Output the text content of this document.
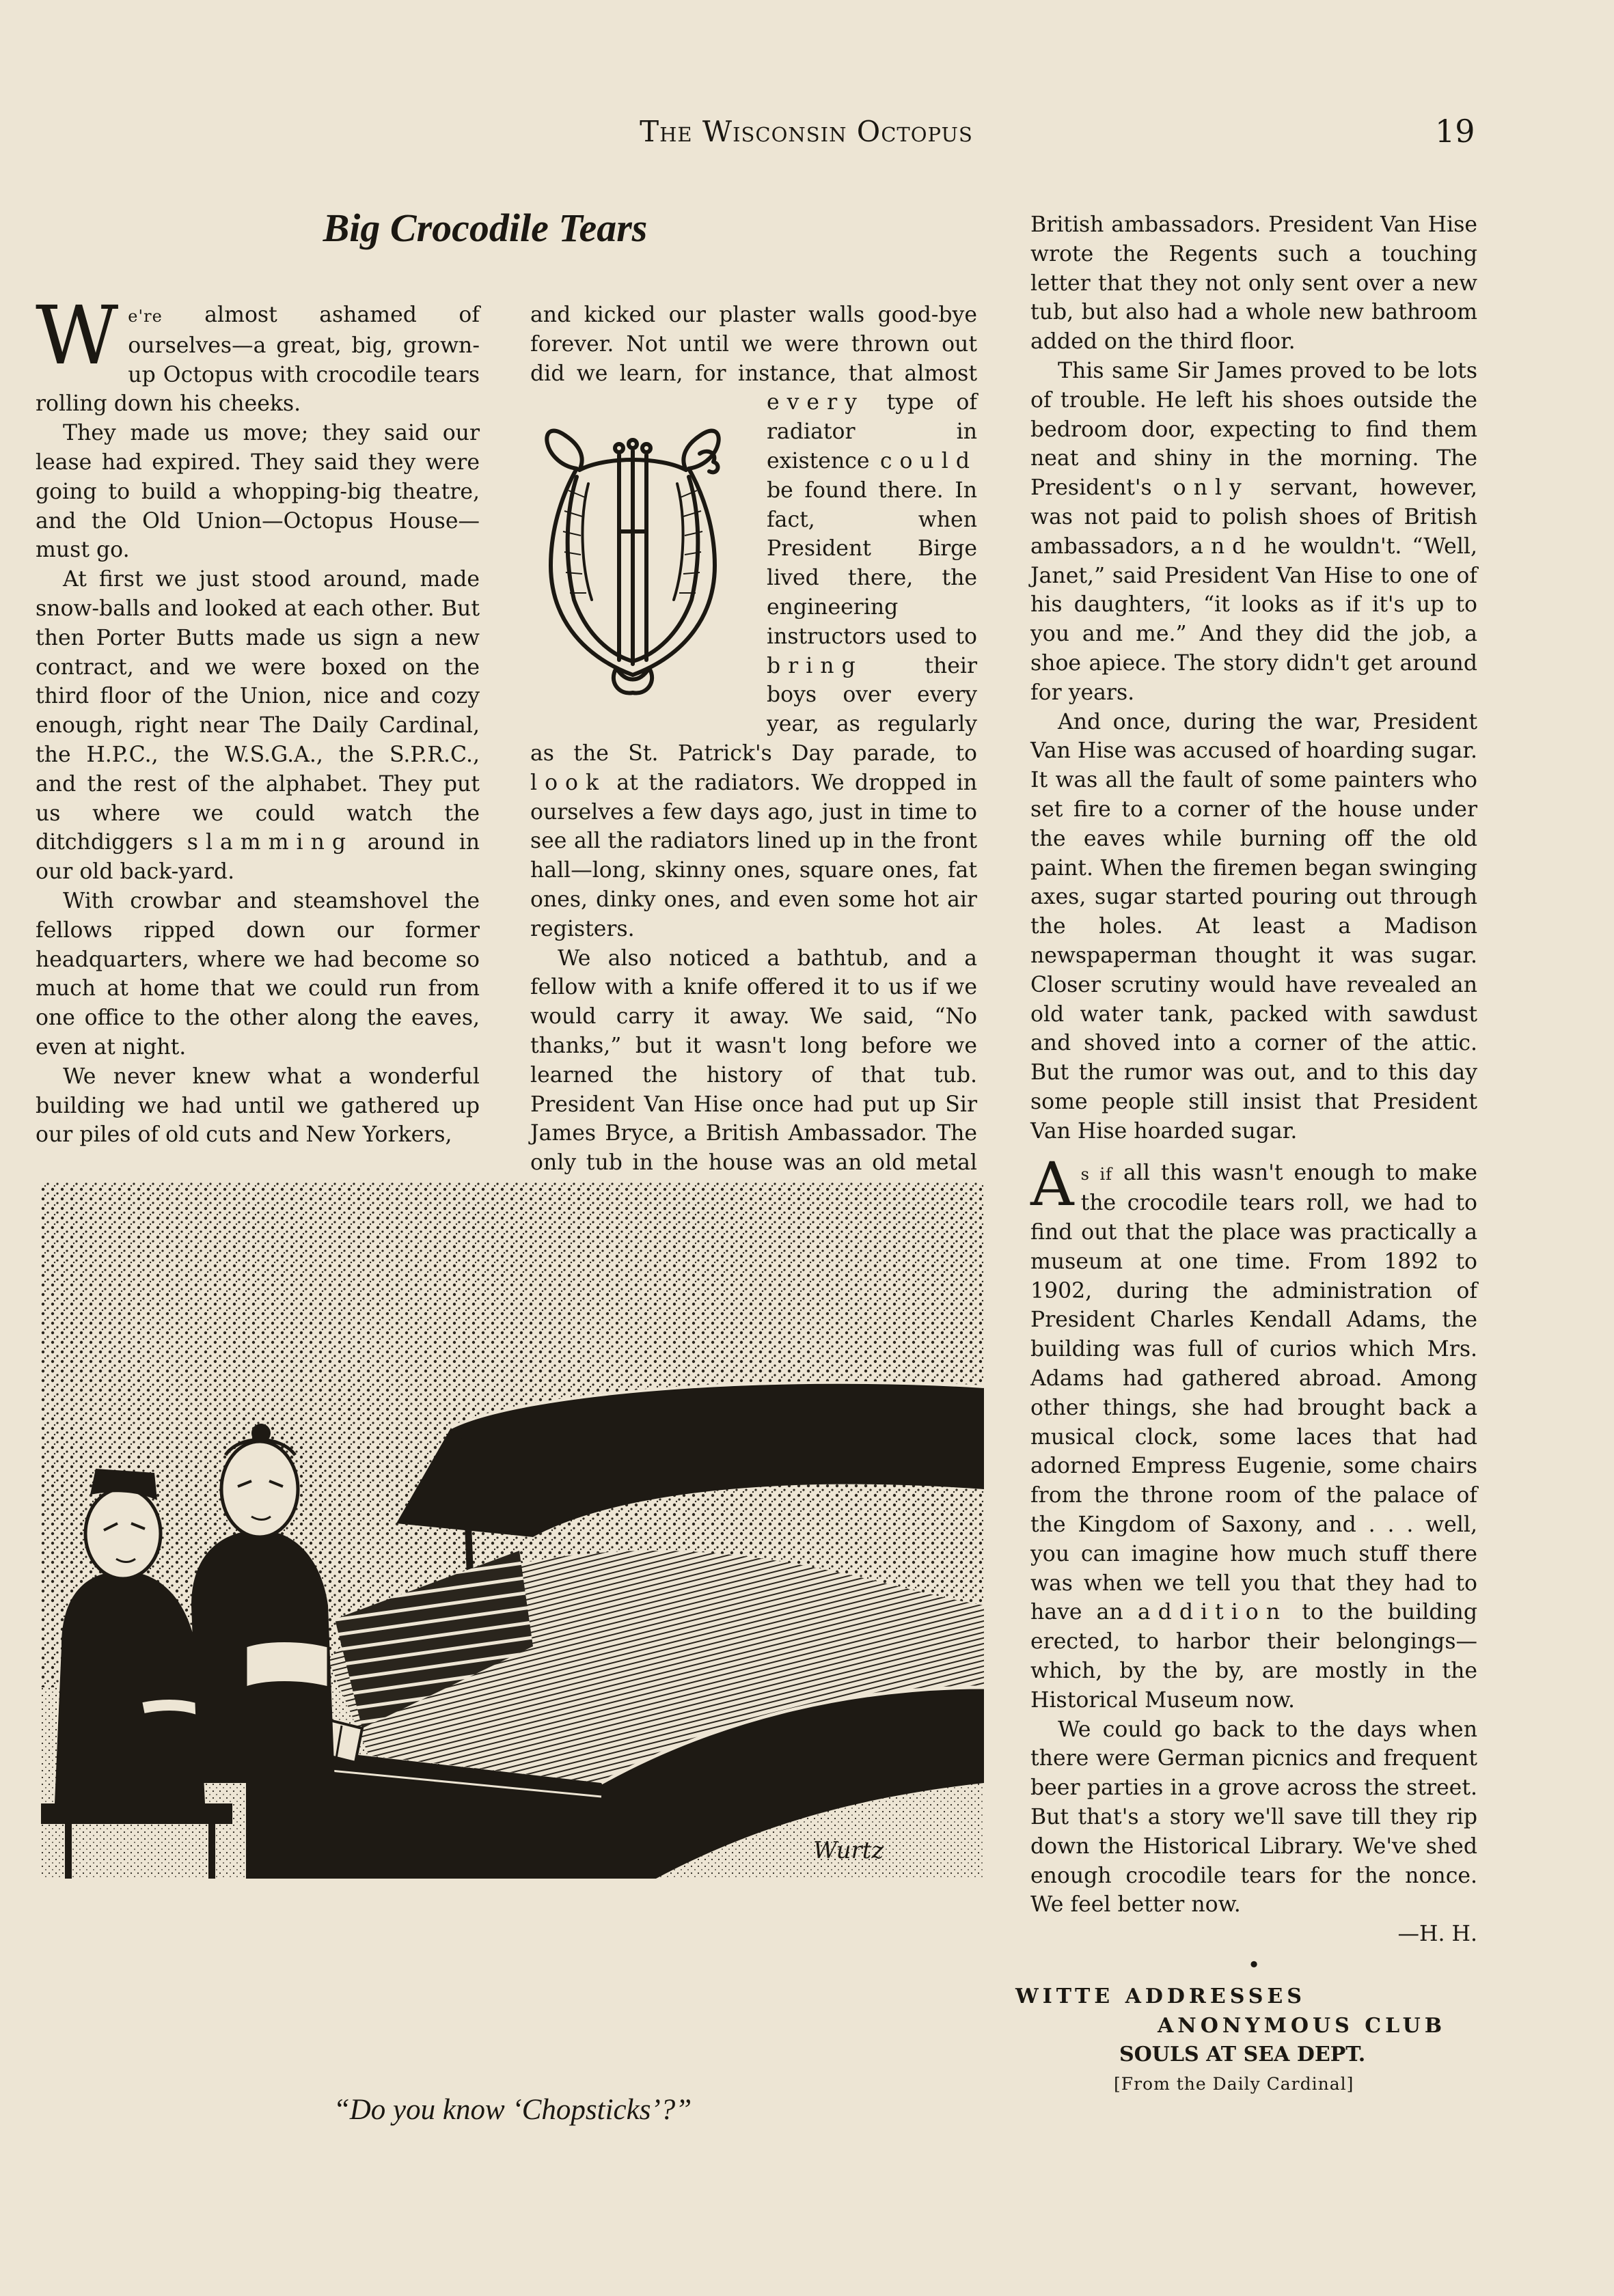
The Wisconsin Octopus	19
Big Crocodile Tears

We're almost ashamed of ourselves—a great, big, grown-up Octopus with crocodile tears rolling down his cheeks.

They made us move; they said our lease had expired. They said they were going to build a whopping-big theatre, and the Old Union—Octopus House—must go.

At first we just stood around, made snow-balls and looked at each other. But then Porter Butts made us sign a new contract, and we were boxed on the third floor of the Union, nice and cozy enough, right near The Daily Cardinal, the H.P.C., the W.S.G.A., the S.P.R.C., and the rest of the alphabet. They put us where we could watch the ditchdiggers slamming around in our old back-yard.

With crowbar and steamshovel the fellows ripped down our former headquarters, where we had become so much at home that we could run from one office to the other along the eaves, even at night.

We never knew what a wonderful building we had until we gathered up our piles of old cuts and New Yorkers,

and kicked our plaster walls good-bye forever. Not until we were thrown out did we learn, for instance, that almost
every type of radiator in existence could be found there. In fact, when President Birge lived there, the engineering instructors used to bring their boys over every year, as regularly as the St. Patrick's Day parade, to look at the radiators. We dropped in ourselves a few days ago, just in time to see all the radiators lined up in the front hall—long, skinny ones, square ones, fat ones, dinky ones, and even some hot air registers.

We also noticed a bathtub, and a fellow with a knife offered it to us if we would carry it away. We said, “No thanks,” but it wasn't long before we learned the history of that tub. President Van Hise once had put up Sir James Bryce, a British Ambassador. The only tub in the house was an old metal

British ambassadors. President Van Hise wrote the Regents such a touching letter that they not only sent over a new tub, but also had a whole new bathroom added on the third floor.

This same Sir James proved to be lots of trouble. He left his shoes outside the bedroom door, expecting to find them neat and shiny in the morning. The President's only servant, however, was not paid to polish shoes of British ambassadors, and he wouldn't. “Well, Janet,” said President Van Hise to one of his daughters, “it looks as if it's up to you and me.” And they did the job, a shoe apiece. The story didn't get around for years.

And once, during the war, President Van Hise was accused of hoarding sugar. It was all the fault of some painters who set fire to a corner of the house under the eaves while burning off the old paint. When the firemen began swinging axes, sugar started pouring out through the holes. At least a Madison newspaperman thought it was sugar. Closer scrutiny would have revealed an old water tank, packed with sawdust and shoved into a corner of the attic. But the rumor was out, and to this day some people still insist that President Van Hise hoarded sugar.

As if all this wasn't enough to make the crocodile tears roll, we had to find out that the place was practically a museum at one time. From 1892 to 1902, during the administration of President Charles Kendall Adams, the building was full of curios which Mrs. Adams had gathered abroad. Among other things, she had brought back a musical clock, some laces that had adorned Empress Eugenie, some chairs from the throne room of the palace of the Kingdom of Saxony, and . . . well, you can imagine how much stuff there was when we tell you that they had to have an addition to the building erected, to harbor their belongings—which, by the by, are mostly in the Historical Museum now.

We could go back to the days when there were German picnics and frequent beer parties in a grove across the street. But that's a story we'll save till they rip down the Historical Library. We've shed enough crocodile tears for the nonce. We feel better now.

—H. H.

•
WITTE ADDRESSES
ANONYMOUS CLUB
SOULS AT SEA DEPT.
[From the Daily Cardinal]
Wurtz
“Do you know ‘Chopsticks’?”
